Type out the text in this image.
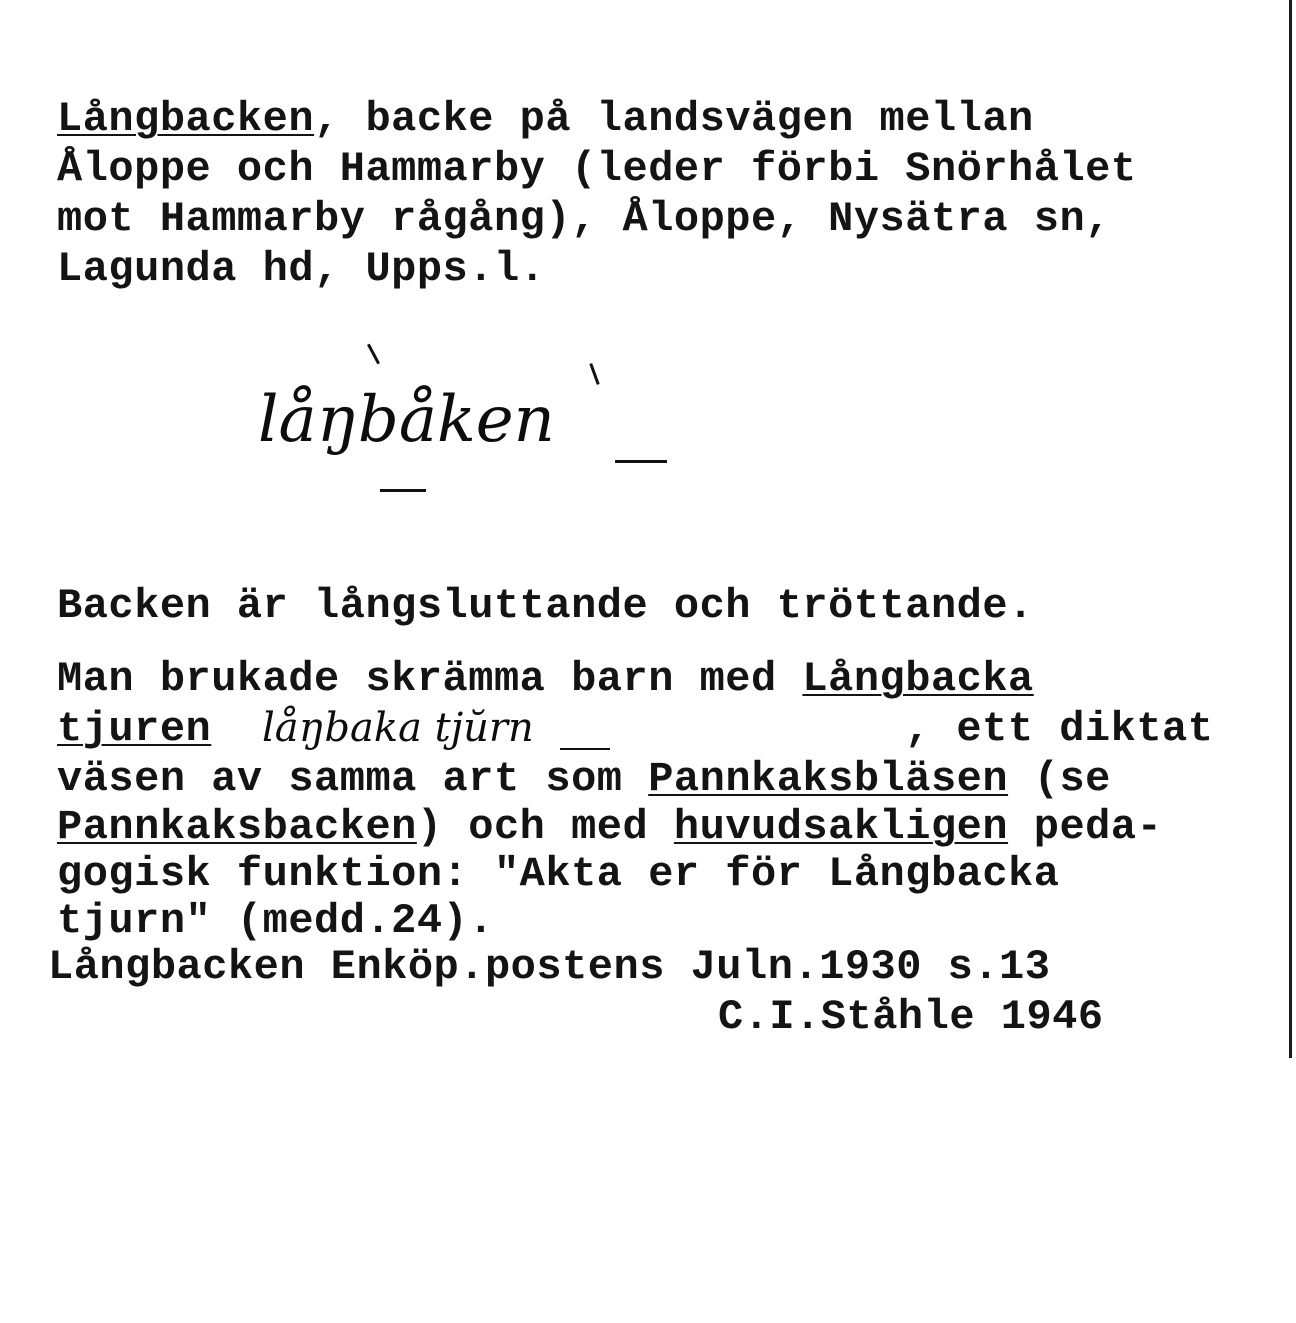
Långbacken, backe på landsvägen mellan
Åloppe och Hammarby (leder förbi Snörhålet
mot Hammarby rågång), Åloppe, Nysätra sn,
Lagunda hd, Upps.l.
låŋbåken
Backen är långsluttande och tröttande.
Man brukade skrämma barn med Långbacka
tjuren låŋbaka tjŭrn	, ett diktat
väsen av samma art som Pannkaksbläsen (se
Pannkaksbacken) och med huvudsakligen peda-
gogisk funktion: "Akta er för Långbacka
tjurn" (medd.24).
Långbacken Enköp.postens Juln.1930 s.13
C.I.Ståhle 1946
